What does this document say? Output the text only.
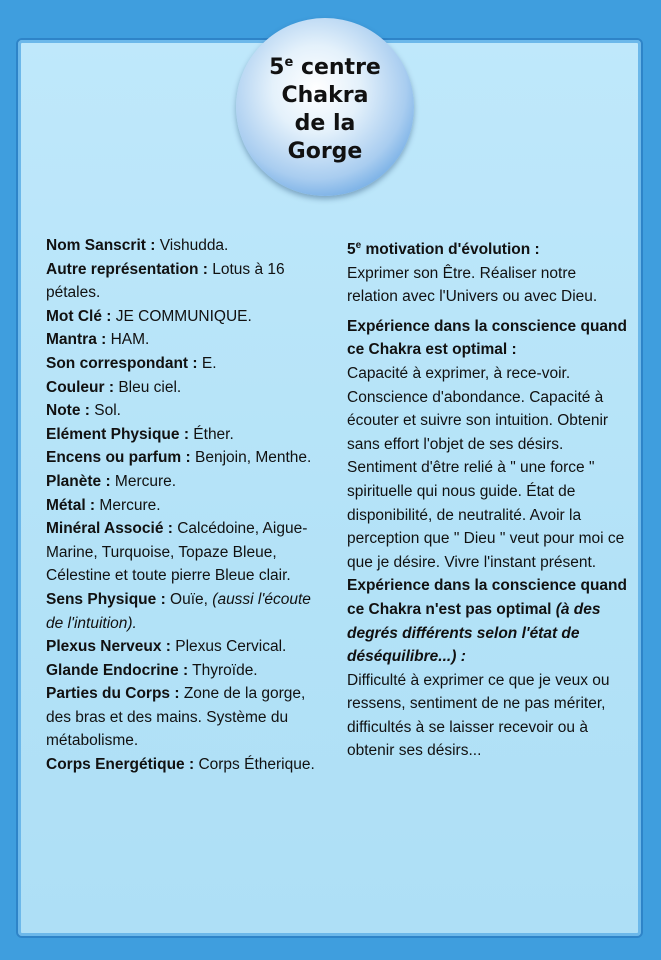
5e centre
Chakra
de la
Gorge

Nom Sanscrit : Vishudda.

Autre représentation : Lotus à 16 pétales.

Mot Clé : JE COMMUNIQUE.

Mantra : HAM.

Son correspondant : E.

Couleur : Bleu ciel.

Note : Sol.

Elément Physique : Éther.

Encens ou parfum : Benjoin, Menthe.

Planète : Mercure.

Métal : Mercure.

Minéral Associé : Calcédoine, Aigue-Marine, Turquoise, Topaze Bleue, Célestine et toute pierre Bleue clair.

Sens Physique : Ouïe, (aussi l'écoute de l'intuition).

Plexus Nerveux : Plexus Cervical.

Glande Endocrine : Thyroïde.

Parties du Corps : Zone de la gorge, des bras et des mains. Système du métabolisme.

Corps Energétique : Corps Étherique.

5e motivation d'évolution :

Exprimer son Être. Réaliser notre relation avec l'Univers ou avec Dieu.

Expérience dans la conscience quand ce Chakra est optimal :

Capacité à exprimer, à rece-voir. Conscience d'abondance. Capacité à écouter et suivre son intuition. Obtenir sans effort l'objet de ses désirs. Sentiment d'être relié à " une force " spirituelle qui nous guide. État de disponibilité, de neutralité. Avoir la perception que " Dieu " veut pour moi ce que je désire. Vivre l'instant présent.

Expérience dans la conscience quand ce Chakra n'est pas optimal (à des degrés différents selon l'état de déséquilibre...) :

Difficulté à exprimer ce que je veux ou ressens, sentiment de ne pas mériter, difficultés à se laisser recevoir ou à obtenir ses désirs...
